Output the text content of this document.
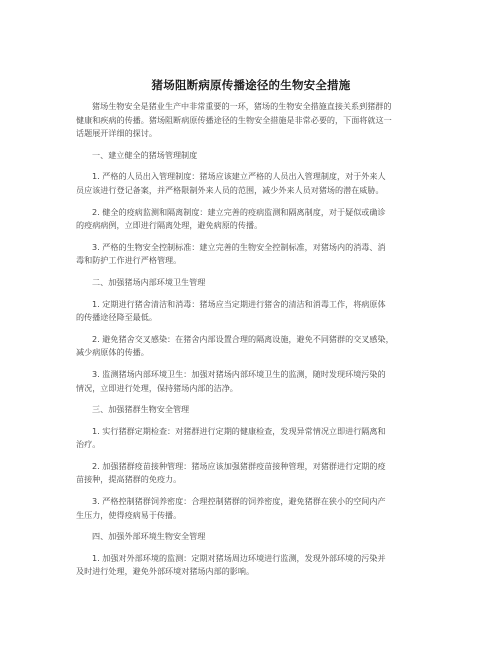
猪场阻断病原传播途径的生物安全措施

猪场生物安全是猪业生产中非常重要的一环，猪场的生物安全措施直接关系到猪群的
健康和疾病的传播。猪场阻断病原传播途径的生物安全措施是非常必要的，下面将就这一
话题展开详细的探讨。

一、建立健全的猪场管理制度

1. 严格的人员出入管理制度：猪场应该建立严格的人员出入管理制度，对于外来人
员应该进行登记备案，并严格限制外来人员的范围，减少外来人员对猪场的潜在威胁。

2. 健全的疫病监测和隔离制度：建立完善的疫病监测和隔离制度，对于疑似或确诊
的疫病病例，立即进行隔离处理，避免病原的传播。

3. 严格的生物安全控制标准：建立完善的生物安全控制标准，对猪场内的消毒、消
毒和防护工作进行严格管理。

二、加强猪场内部环境卫生管理

1. 定期进行猪舍清洁和消毒：猪场应当定期进行猪舍的清洁和消毒工作，将病原体
的传播途径降至最低。

2. 避免猪舍交叉感染：在猪舍内部设置合理的隔离设施，避免不同猪群的交叉感染，
减少病原体的传播。

3. 监测猪场内部环境卫生：加强对猪场内部环境卫生的监测，随时发现环境污染的
情况，立即进行处理，保持猪场内部的洁净。

三、加强猪群生物安全管理

1. 实行猪群定期检查：对猪群进行定期的健康检查，发现异常情况立即进行隔离和
治疗。

2. 加强猪群疫苗接种管理：猪场应该加强猪群疫苗接种管理，对猪群进行定期的疫
苗接种，提高猪群的免疫力。

3. 严格控制猪群饲养密度：合理控制猪群的饲养密度，避免猪群在狭小的空间内产
生压力，使得疫病易于传播。

四、加强外部环境生物安全管理

1. 加强对外部环境的监测：定期对猪场周边环境进行监测，发现外部环境的污染并
及时进行处理，避免外部环境对猪场内部的影响。
